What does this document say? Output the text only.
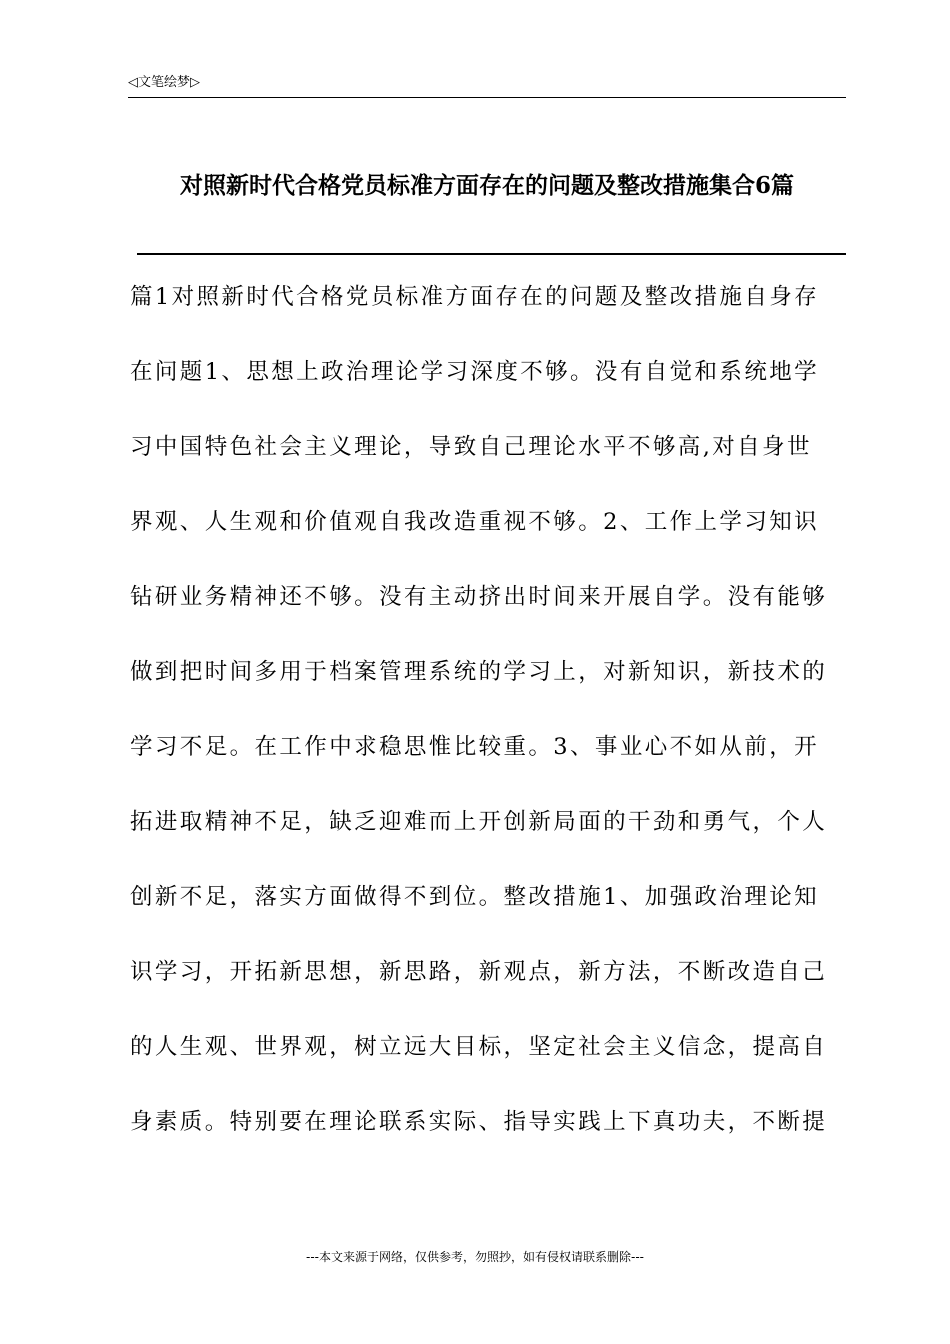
◁文笔绘梦▷
对照新时代合格党员标准方面存在的问题及整改措施集合6篇
篇1对照新时代合格党员标准方面存在的问题及整改措施自身存
在问题1、思想上政治理论学习深度不够。没有自觉和系统地学
习中国特色社会主义理论，导致自己理论水平不够高,对自身世
界观、人生观和价值观自我改造重视不够。2、工作上学习知识
钻研业务精神还不够。没有主动挤出时间来开展自学。没有能够
做到把时间多用于档案管理系统的学习上，对新知识，新技术的
学习不足。在工作中求稳思惟比较重。3、事业心不如从前，开
拓进取精神不足，缺乏迎难而上开创新局面的干劲和勇气，个人
创新不足，落实方面做得不到位。整改措施1、加强政治理论知
识学习，开拓新思想，新思路，新观点，新方法，不断改造自己
的人生观、世界观，树立远大目标，坚定社会主义信念，提高自
身素质。特别要在理论联系实际、指导实践上下真功夫，不断提
---本文来源于网络，仅供参考，勿照抄，如有侵权请联系删除---
